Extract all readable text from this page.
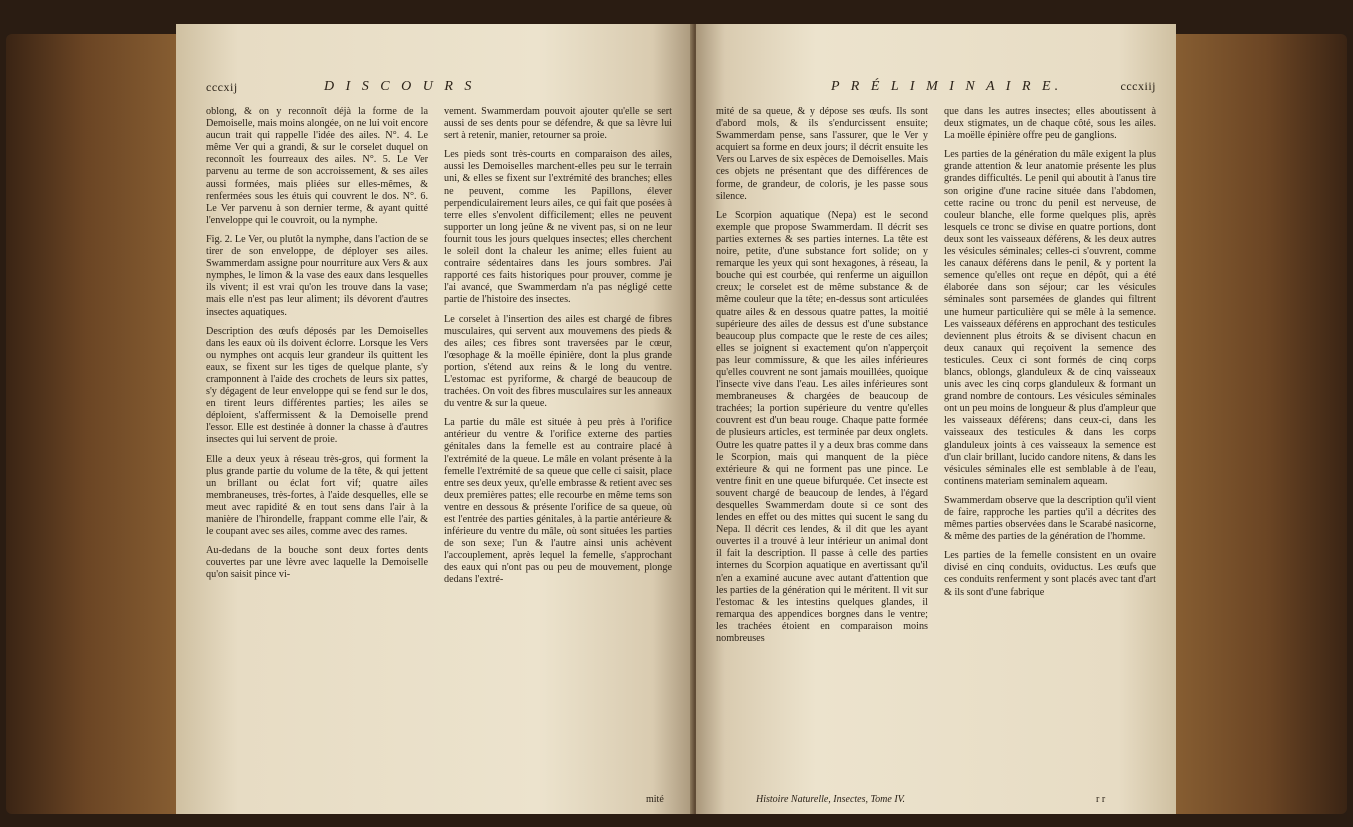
cccxij	D I S C O U R S

oblong, & on y reconnoît déjà la forme de la Demoiselle, mais moins alongée, on ne lui voit encore aucun trait qui rappelle l'idée des ailes. N°. 4. Le même Ver qui a grandi, & sur le corselet duquel on reconnoît les fourreaux des ailes. N°. 5. Le Ver parvenu au terme de son accroissement, & ses ailes aussi formées, mais pliées sur elles-mêmes, & renfermées sous les étuis qui couvrent le dos. N°. 6. Le Ver parvenu à son dernier terme, & ayant quitté l'enveloppe qui le couvroit, ou la nymphe.

Fig. 2. Le Ver, ou plutôt la nymphe, dans l'action de se tirer de son enveloppe, de déployer ses ailes. Swammerdam assigne pour nourriture aux Vers & aux nymphes, le limon & la vase des eaux dans lesquelles ils vivent; il est vrai qu'on les trouve dans la vase; mais elle n'est pas leur aliment; ils dévorent d'autres insectes aquatiques.

Description des œufs déposés par les Demoiselles dans les eaux où ils doivent éclorre. Lorsque les Vers ou nymphes ont acquis leur grandeur ils quittent les eaux, se fixent sur les tiges de quelque plante, s'y cramponnent à l'aide des crochets de leurs six pattes, s'y dégagent de leur enveloppe qui se fend sur le dos, en tirent leurs différentes parties; les ailes se déploient, s'affermissent & la Demoiselle prend l'essor. Elle est destinée à donner la chasse à d'autres insectes qui lui servent de proie.

Elle a deux yeux à réseau très-gros, qui forment la plus grande partie du volume de la tête, & qui jettent un brillant ou éclat fort vif; quatre ailes membraneuses, très-fortes, à l'aide desquelles, elle se meut avec rapidité & en tout sens dans l'air à la manière de l'hirondelle, frappant comme elle l'air, & le coupant avec ses ailes, comme avec des rames.

Au-dedans de la bouche sont deux fortes dents couvertes par une lèvre avec laquelle la Demoiselle qu'on saisit pince vi-

vement. Swammerdam pouvoit ajouter qu'elle se sert aussi de ses dents pour se défendre, & que sa lèvre lui sert à retenir, manier, retourner sa proie.

Les pieds sont très-courts en comparaison des ailes, aussi les Demoiselles marchent-elles peu sur le terrain uni, & elles se fixent sur l'extrémité des branches; elles ne peuvent, comme les Papillons, élever perpendiculairement leurs ailes, ce qui fait que posées à terre elles s'envolent difficilement; elles ne peuvent supporter un long jeûne & ne vivent pas, si on ne leur fournit tous les jours quelques insectes; elles cherchent le soleil dont la chaleur les anime; elles fuient au contraire sédentaires dans les jours sombres. J'ai rapporté ces faits historiques pour prouver, comme je l'ai avancé, que Swammerdam n'a pas négligé cette partie de l'histoire des insectes.

Le corselet à l'insertion des ailes est chargé de fibres musculaires, qui servent aux mouvemens des pieds & des ailes; ces fibres sont traversées par le cœur, l'œsophage & la moëlle épinière, dont la plus grande portion, s'étend aux reins & le long du ventre. L'estomac est pyriforme, & chargé de beaucoup de trachées. On voit des fibres musculaires sur les anneaux du ventre & sur la queue.

La partie du mâle est située à peu près à l'orifice antérieur du ventre & l'orifice externe des parties génitales dans la femelle est au contraire placé à l'extrémité de la queue. Le mâle en volant présente à la femelle l'extrémité de sa queue que celle ci saisit, place entre ses deux yeux, qu'elle embrasse & retient avec ses deux premières pattes; elle recourbe en même tems son ventre en dessous & présente l'orifice de sa queue, où est l'entrée des parties génitales, à la partie antérieure & inférieure du ventre du mâle, où sont situées les parties de son sexe; l'un & l'autre ainsi unis achèvent l'accouplement, après lequel la femelle, s'approchant des eaux qui n'ont pas ou peu de mouvement, plonge dedans l'extré-

mité
P R É L I M I N A I R E.	cccxiij

mité de sa queue, & y dépose ses œufs. Ils sont d'abord mols, & ils s'endurcissent ensuite; Swammerdam pense, sans l'assurer, que le Ver y acquiert sa forme en deux jours; il décrit ensuite les Vers ou Larves de six espèces de Demoiselles. Mais ces objets ne présentant que des différences de forme, de grandeur, de coloris, je les passe sous silence.

Le Scorpion aquatique (Nepa) est le second exemple que propose Swammerdam. Il décrit ses parties externes & ses parties internes. La tête est noire, petite, d'une substance fort solide; on y remarque les yeux qui sont hexagones, à réseau, la bouche qui est courbée, qui renferme un aiguillon creux; le corselet est de même substance & de même couleur que la tête; en-dessus sont articulées quatre ailes & en dessous quatre pattes, la moitié supérieure des ailes de dessus est d'une substance beaucoup plus compacte que le reste de ces ailes; elles se joignent si exactement qu'on n'apperçoit pas leur commissure, & que les ailes inférieures qu'elles couvrent ne sont jamais mouillées, quoique l'insecte vive dans l'eau. Les ailes inférieures sont membraneuses & chargées de beaucoup de trachées; la portion supérieure du ventre qu'elles couvrent est d'un beau rouge. Chaque patte formée de plusieurs articles, est terminée par deux onglets. Outre les quatre pattes il y a deux bras comme dans le Scorpion, mais qui manquent de la pièce extérieure & qui ne forment pas une pince. Le ventre finit en une queue bifurquée. Cet insecte est souvent chargé de beaucoup de lendes, à l'égard desquelles Swammerdam doute si ce sont des lendes en effet ou des mittes qui sucent le sang du Nepa. Il décrit ces lendes, & il dit que les ayant ouvertes il a trouvé à leur intérieur un animal dont il fait la description. Il passe à celle des parties internes du Scorpion aquatique en avertissant qu'il n'en a examiné aucune avec autant d'attention que les parties de la génération qui le méritent. Il vit sur l'estomac & les intestins quelques glandes, il remarqua des appendices borgnes dans le ventre; les trachées étoient en comparaison moins nombreuses

que dans les autres insectes; elles aboutissent à deux stigmates, un de chaque côté, sous les ailes. La moëlle épinière offre peu de ganglions.

Les parties de la génération du mâle exigent la plus grande attention & leur anatomie présente les plus grandes difficultés. Le penil qui aboutit à l'anus tire son origine d'une racine située dans l'abdomen, cette racine ou tronc du penil est nerveuse, de couleur blanche, elle forme quelques plis, après lesquels ce tronc se divise en quatre portions, dont deux sont les vaisseaux déférens, & les deux autres les vésicules séminales; celles-ci s'ouvrent, comme les canaux déférens dans le penil, & y portent la semence qu'elles ont reçue en dépôt, qui a été élaborée dans son séjour; car les vésicules séminales sont parsemées de glandes qui filtrent une humeur particulière qui se mêle à la semence. Les vaisseaux déférens en approchant des testicules deviennent plus étroits & se divisent chacun en deux canaux qui reçoivent la semence des testicules. Ceux ci sont formés de cinq corps blancs, oblongs, glanduleux & de cinq vaisseaux unis avec les cinq corps glanduleux & formant un grand nombre de contours. Les vésicules séminales ont un peu moins de longueur & plus d'ampleur que les vaisseaux déférens; dans ceux-ci, dans les vaisseaux des testicules & dans les corps glanduleux joints à ces vaisseaux la semence est d'un clair brillant, lucido candore nitens, & dans les vésicules séminales elle est semblable à de l'eau, continens materiam seminalem aqueam.

Swammerdam observe que la description qu'il vient de faire, rapproche les parties qu'il a décrites des mêmes parties observées dans le Scarabé nasicorne, & même des parties de la génération de l'homme.

Les parties de la femelle consistent en un ovaire divisé en cinq conduits, oviductus. Les œufs que ces conduits renferment y sont placés avec tant d'art & ils sont d'une fabrique

Histoire Naturelle, Insectes, Tome IV.	r r
